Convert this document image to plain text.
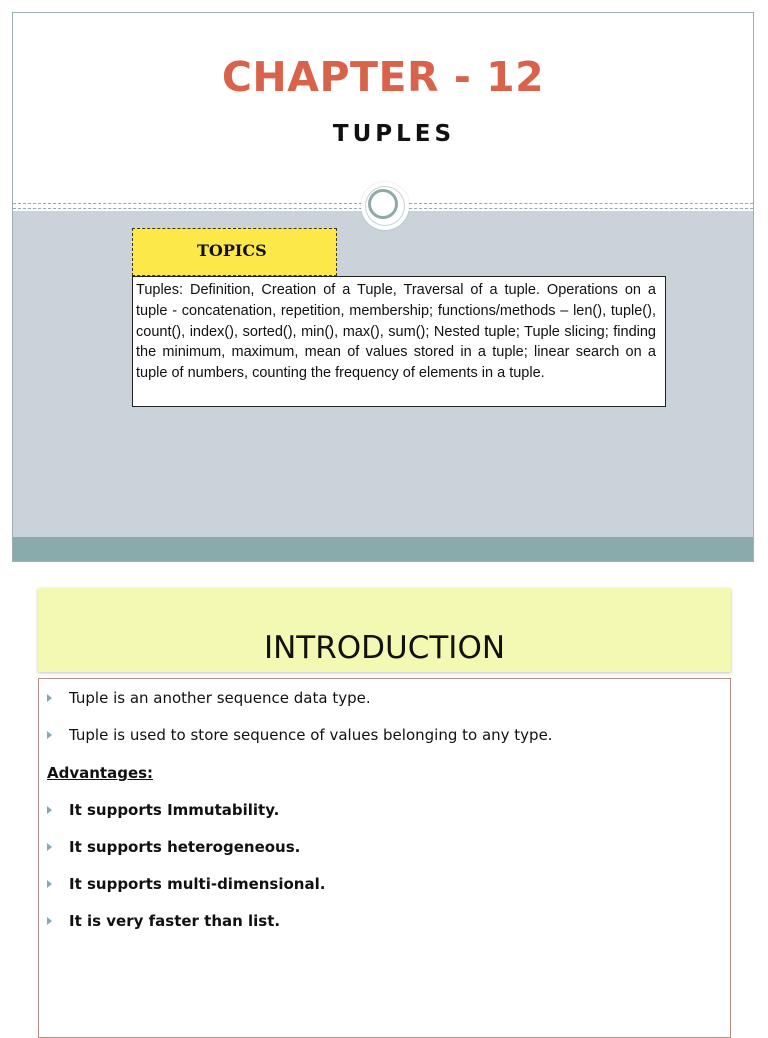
CHAPTER - 12
TUPLES
TOPICS
Tuples: Definition, Creation of a Tuple, Traversal of a tuple. Operations on a tuple - concatenation, repetition, membership; functions/methods – len(), tuple(), count(), index(), sorted(), min(), max(), sum(); Nested tuple; Tuple slicing; finding the minimum, maximum, mean of values stored in a tuple; linear search on a tuple of numbers, counting the frequency of elements in a tuple.
INTRODUCTION
Tuple is an another sequence data type.
Tuple is used to store sequence of values belonging to any type.
Advantages:
It supports Immutability.
It supports heterogeneous.
It supports multi-dimensional.
It is very faster than list.
